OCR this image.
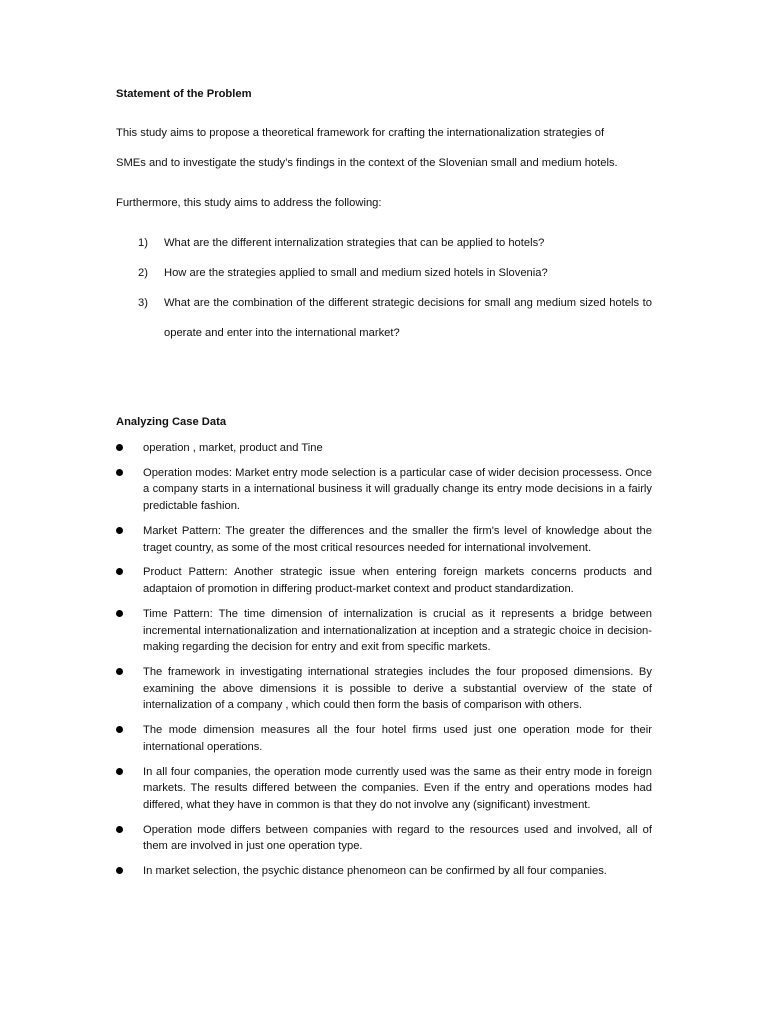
Statement of the Problem
This study aims to propose a theoretical framework for crafting the internationalization strategies of
SMEs and to investigate the study’s findings in the context of the Slovenian small and medium hotels.
Furthermore, this study aims to address the following:
1) What are the different internalization strategies that can be applied to hotels?
2) How are the strategies applied to small and medium sized hotels in Slovenia?
3) What are the combination of the different strategic decisions for small ang medium sized hotels to operate and enter into the international market?
Analyzing Case Data
operation , market, product and Tine
Operation modes: Market entry mode selection is a particular case of wider decision processess. Once a company starts in a international business it will gradually change its entry mode decisions in a fairly predictable fashion.
Market Pattern: The greater the differences and the smaller the firm's level of knowledge about the traget country, as some of the most critical resources needed for international involvement.
Product Pattern: Another strategic issue when entering foreign markets concerns products and adaptaion of promotion in differing product-market context and product standardization.
Time Pattern: The time dimension of internalization is crucial as it represents a bridge between incremental internationalization and internationalization at inception and a strategic choice in decision-making regarding the decision for entry and exit from specific markets.
The framework in investigating international strategies includes the four proposed dimensions. By examining the above dimensions it is possible to derive a substantial overview of the state of internalization of a company , which could then form the basis of comparison with others.
The mode dimension measures all the four hotel firms used just one operation mode for their international operations.
In all four companies, the operation mode currently used was the same as their entry mode in foreign markets. The results differed between the companies. Even if the entry and operations modes had differed, what they have in common is that they do not involve any (significant) investment.
Operation mode differs between companies with regard to the resources used and involved, all of them are involved in just one operation type.
In market selection, the psychic distance phenomeon can be confirmed by all four companies.
